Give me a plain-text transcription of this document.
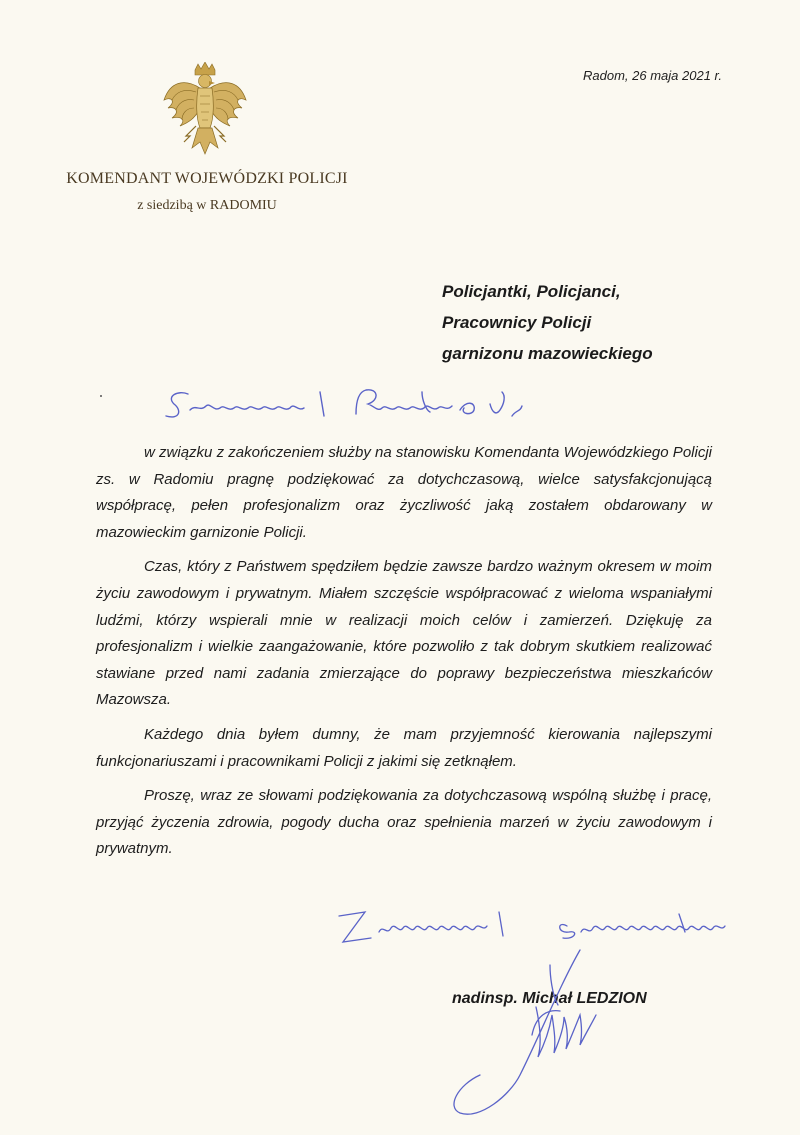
Radom, 26 maja 2021 r.
KOMENDANT WOJEWÓDZKI POLICJI
z siedzibą w RADOMIU
Policjantki, Policjanci,
Pracownicy Policji
garnizonu mazowieckiego

w związku z zakończeniem służby na stanowisku Komendanta Wojewódzkiego Policji zs. w Radomiu pragnę podziękować za dotychczasową, wielce satysfakcjonującą współpracę, pełen profesjonalizm oraz życzliwość jaką zostałem obdarowany w mazowieckim garnizonie Policji.

Czas, który z Państwem spędziłem będzie zawsze bardzo ważnym okresem w moim życiu zawodowym i prywatnym. Miałem szczęście współpracować z wieloma wspaniałymi ludźmi, którzy wspierali mnie w realizacji moich celów i zamierzeń. Dziękuję za profesjonalizm i wielkie zaangażowanie, które pozwoliło z tak dobrym skutkiem realizować stawiane przed nami zadania zmierzające do poprawy bezpieczeństwa mieszkańców Mazowsza.

Każdego dnia byłem dumny, że mam przyjemność kierowania najlepszymi funkcjonariuszami i pracownikami Policji z jakimi się zetknąłem.

Proszę, wraz ze słowami podziękowania za dotychczasową wspólną służbę i pracę, przyjąć życzenia zdrowia, pogody ducha oraz spełnienia marzeń w życiu zawodowym i prywatnym.

nadinsp. Michał LEDZION
